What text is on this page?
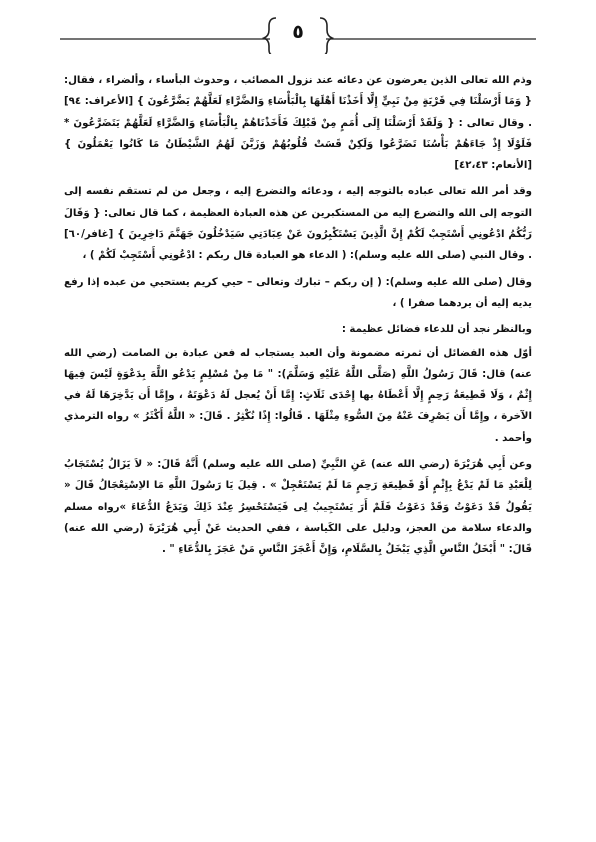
٥

وذم الله تعالى الذين يعرضون عن دعائه عند نزول المصائب ، وحدوث البأساء ، وألضراء ، فقال: { وَمَا أَرْسَلْنَا فِي قَرْيَةٍ مِنْ نَبِيٍّ إِلَّا أَخَذْنَا أَهْلَهَا بِالْبَأْسَاءِ وَالضَّرَّاءِ لَعَلَّهُمْ يَضَّرَّعُونَ } [الأعراف: ٩٤] . وقال تعالى : { وَلَقَدْ أَرْسَلْنَا إِلَى أُمَمٍ مِنْ قَبْلِكَ فَأَخَذْنَاهُمْ بِالْبَأْسَاءِ وَالضَّرَّاءِ لَعَلَّهُمْ يَتَضَرَّعُونَ * فَلَوْلَا إِذْ جَاءَهُمْ بَأْسُنَا تَضَرَّعُوا وَلَكِنْ قَسَتْ قُلُوبُهُمْ وَزَيَّنَ لَهُمُ الشَّيْطَانُ مَا كَانُوا يَعْمَلُونَ } [الأنعام: ٤٢،٤٣]

وقد أمر الله تعالى عباده بالتوجه إليه ، ودعائه والتضرع إليه ، وجعل من لم تستقم نفسه إلى التوجه إلى الله والتضرع إليه من المستكبرين عن هذه العبادة العظيمة ، كما قال تعالى: { وَقَالَ رَبُّكُمُ ادْعُونِي أَسْتَجِبْ لَكُمْ إِنَّ الَّذِينَ يَسْتَكْبِرُونَ عَنْ عِبَادَتِي سَيَدْخُلُونَ جَهَنَّمَ دَاخِرِينَ } [غافر/٦٠] . وقال النبي (صلى الله عليه وسلم): ( الدعاء هو العبادة قال ربكم : ادْعُونِي أَسْتَجِبْ لَكُمْ ) ،

وقال (صلى الله عليه وسلم): ( إن ربكم – تبارك وتعالى – حيي كريم يستحيي من عبده إذا رفع يديه إليه أن يردهما صفرا ) ،

وبالنظر نجد أن للدعاء فضائل عظيمة :

أوّل هذه الفضائل أن ثمرته مضمونة وأن العبد يستجاب له فعن عبادة بن الصامت (رضي الله عنه) قال: قَالَ رَسُولُ اللَّهِ (صَلَّى اللَّهُ عَلَيْهِ وَسَلَّمَ): " مَا مِنْ مُسْلِمٍ يَدْعُو اللَّهَ بِدَعْوَةٍ لَيْسَ فِيهَا إِثْمٌ ، وَلَا قَطِيعَةُ رَحِمٍ إِلَّا أَعْطَاهُ بها إِحْدَى ثَلَاثٍ: إِمَّا أَنْ يُعجل لَهُ دَعْوَتَهُ ، وإِمَّا أَن يَدَّخِرَهَا لَهُ في الآخرة ، وإِمَّا أَن يَصْرِفَ عَنْهُ مِنَ السُّوءِ مِثْلَهَا . قَالُوا: إِذًا نُكْثِرُ . قَالَ: « اللَّهُ أَكْثَرُ » رواه الترمذي وأحمد .

وعن أَبِي هُرَيْرَةَ (رضي الله عنه) عَنِ النَّبِيِّ (صلى الله عليه وسلم) أَنَّهُ قَالَ: « لاَ يَزَالُ يُسْتَجَابُ لِلْعَبْدِ مَا لَمْ يَدْعُ بِإِثْمٍ أَوْ قَطِيعَةِ رَحِمٍ مَا لَمْ يَسْتَعْجِلْ » . قِيلَ يَا رَسُولَ اللَّهِ مَا الاِسْتِعْجَالُ قَالَ « يَقُولُ قَدْ دَعَوْتُ وَقَدْ دَعَوْتُ فَلَمْ أَرَ يَسْتَجِيبُ لِى فَيَسْتَحْسِرُ عِنْدَ ذَلِكَ وَيَدَعُ الدُّعَاءَ »رواه مسلم والدعاء سلامة من العجز، ودليل على الكَياسة ، ففي الحديث عَنْ أَبِي هُرَيْرَةَ (رضي الله عنه) قَالَ: " أَبْخَلُ النَّاسِ الَّذِي يَبْخَلُ بِالسَّلَامِ، وَإِنَّ أَعْجَزَ النَّاسِ مَنْ عَجَزَ بِالدُّعَاءِ " .
